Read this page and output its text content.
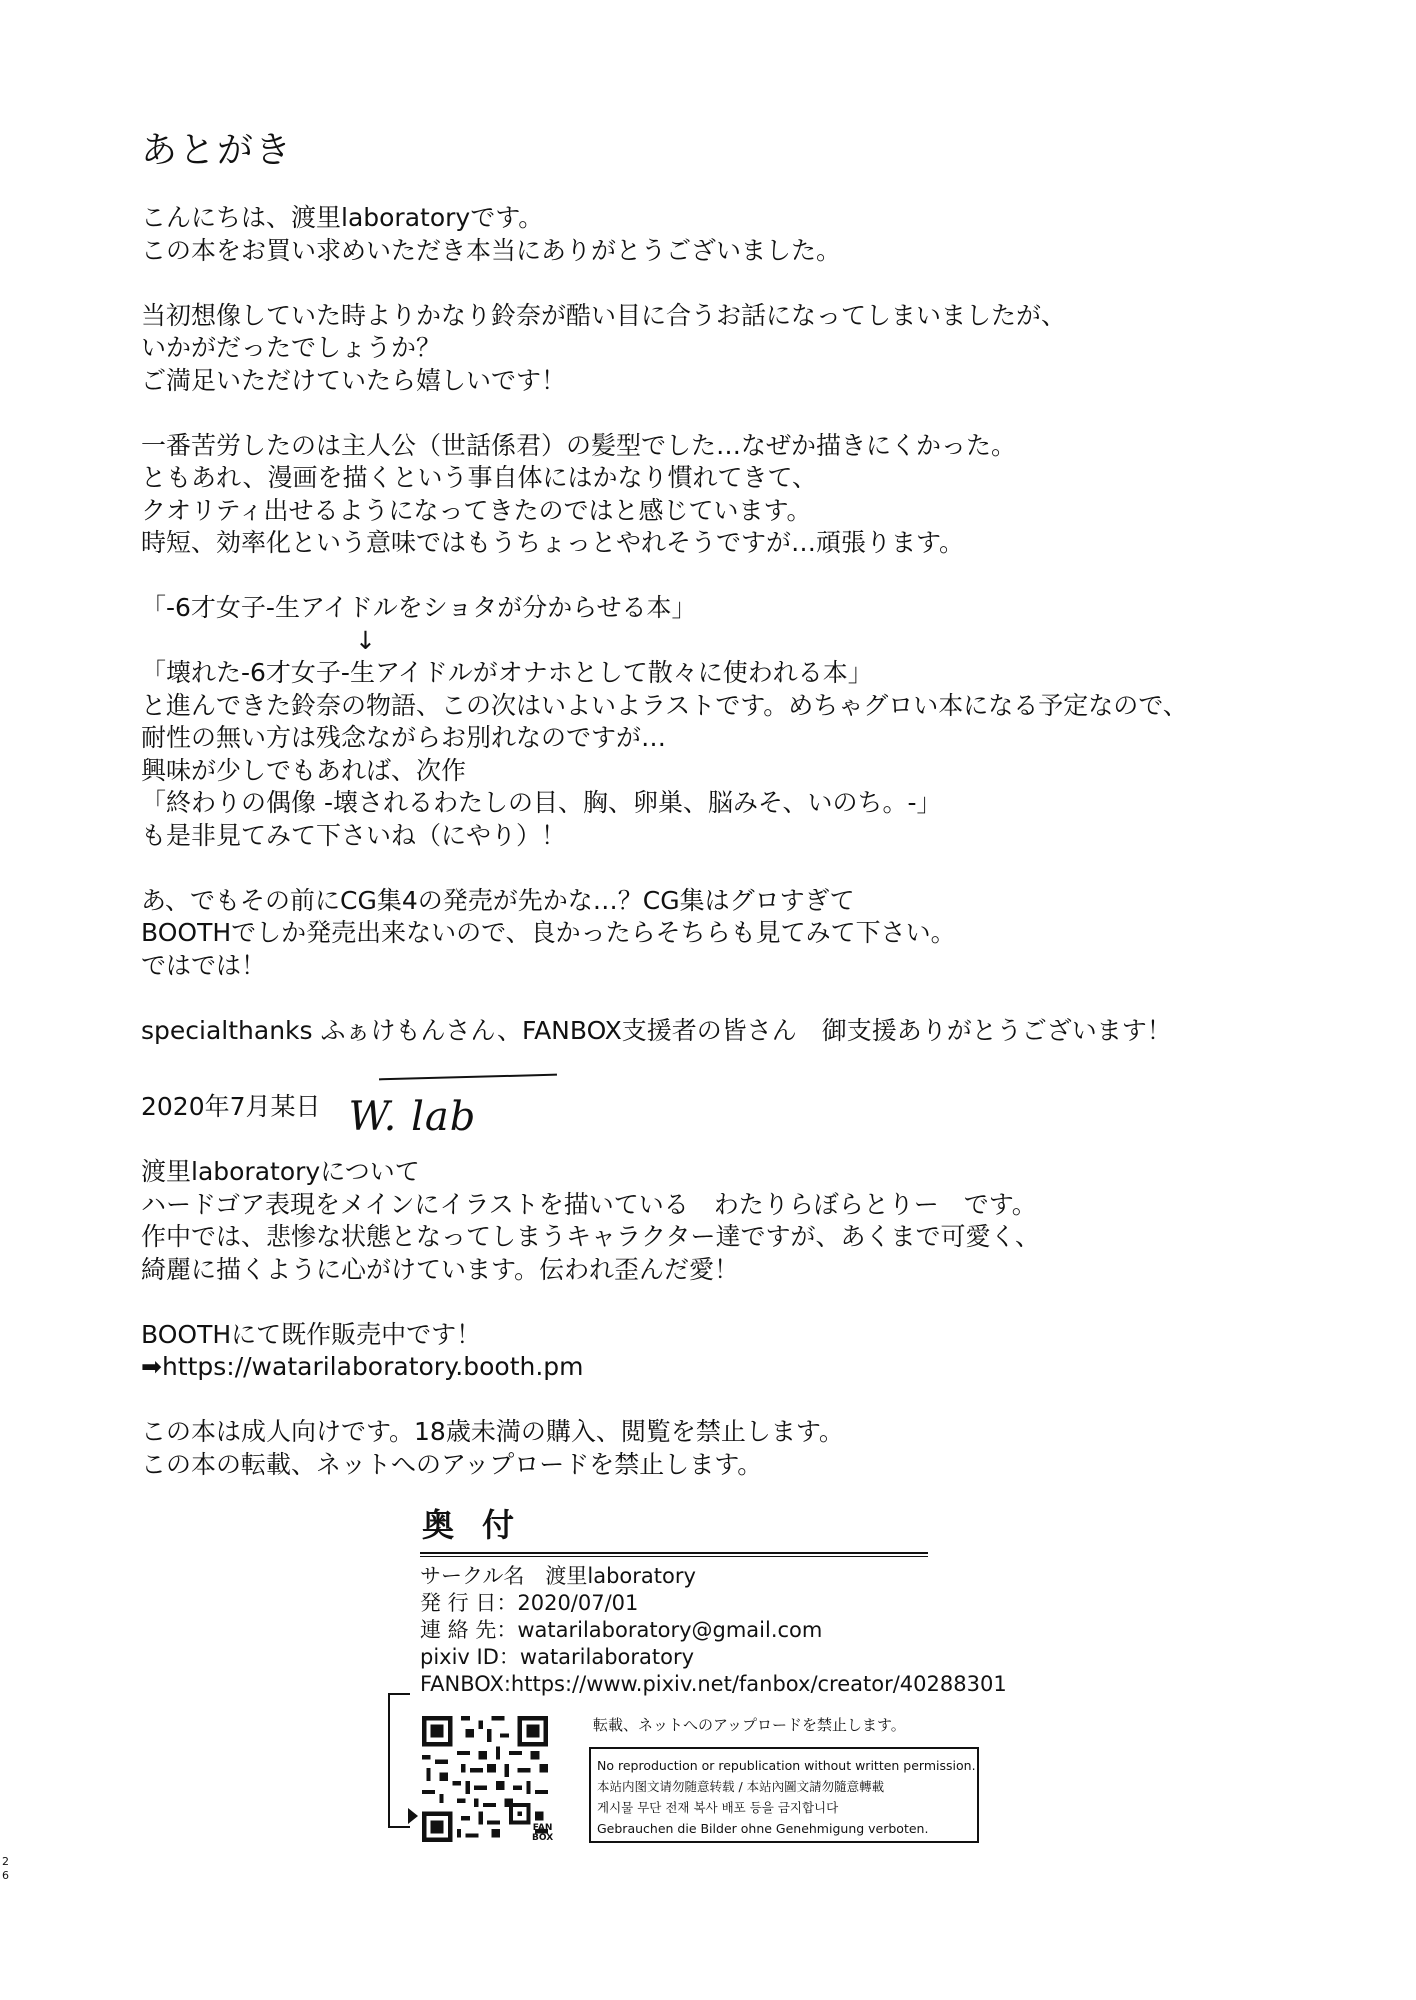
あとがき

こんにちは、渡里laboratoryです。

この本をお買い求めいただき本当にありがとうございました。

当初想像していた時よりかなり鈴奈が酷い目に合うお話になってしまいましたが、

いかがだったでしょうか？

ご満足いただけていたら嬉しいです！

一番苦労したのは主人公（世話係君）の髪型でした…なぜか描きにくかった。

ともあれ、漫画を描くという事自体にはかなり慣れてきて、

クオリティ出せるようになってきたのではと感じています。

時短、効率化という意味ではもうちょっとやれそうですが…頑張ります。

「-6才女子-生アイドルをショタが分からせる本」

↓

「壊れた-6才女子-生アイドルがオナホとして散々に使われる本」

と進んできた鈴奈の物語、この次はいよいよラストです。めちゃグロい本になる予定なので、

耐性の無い方は残念ながらお別れなのですが…

興味が少しでもあれば、次作

「終わりの偶像 -壊されるわたしの目、胸、卵巣、脳みそ、いのち。-」

も是非見てみて下さいね（にやり）！

あ、でもその前にCG集4の発売が先かな…？CG集はグロすぎて

BOOTHでしか発売出来ないので、良かったらそちらも見てみて下さい。

ではでは！

specialthanks ふぁけもんさん、FANBOX支援者の皆さん　御支援ありがとうございます！

2020年7月某日 W. lab

渡里laboratoryについて

ハードゴア表現をメインにイラストを描いている　わたりらぼらとりー　です。

作中では、悲惨な状態となってしまうキャラクター達ですが、あくまで可愛く、

綺麗に描くように心がけています。伝われ歪んだ愛！

BOOTHにて既作販売中です！

➡https://watarilaboratory.booth.pm

この本は成人向けです。18歳未満の購入、閲覧を禁止します。

この本の転載、ネットへのアップロードを禁止します。

奥付
サークル名
　 渡里laboratory
発 行 日 ： 2020/07/01
連 絡 先 ： watarilaboratory@gmail.com
pixiv ID ： watarilaboratory
FANBOX : https://www.pixiv.net/fanbox/creator/40288301
FAN
BOX
転載、ネットへのアップロードを禁止します。
No reproduction or republication without written permission.
本站内图文请勿随意转载 / 本站內圖文請勿隨意轉載
게시물 무단 전재 복사 배포 등을 금지합니다
Gebrauchen die Bilder ohne Genehmigung verboten.
26
